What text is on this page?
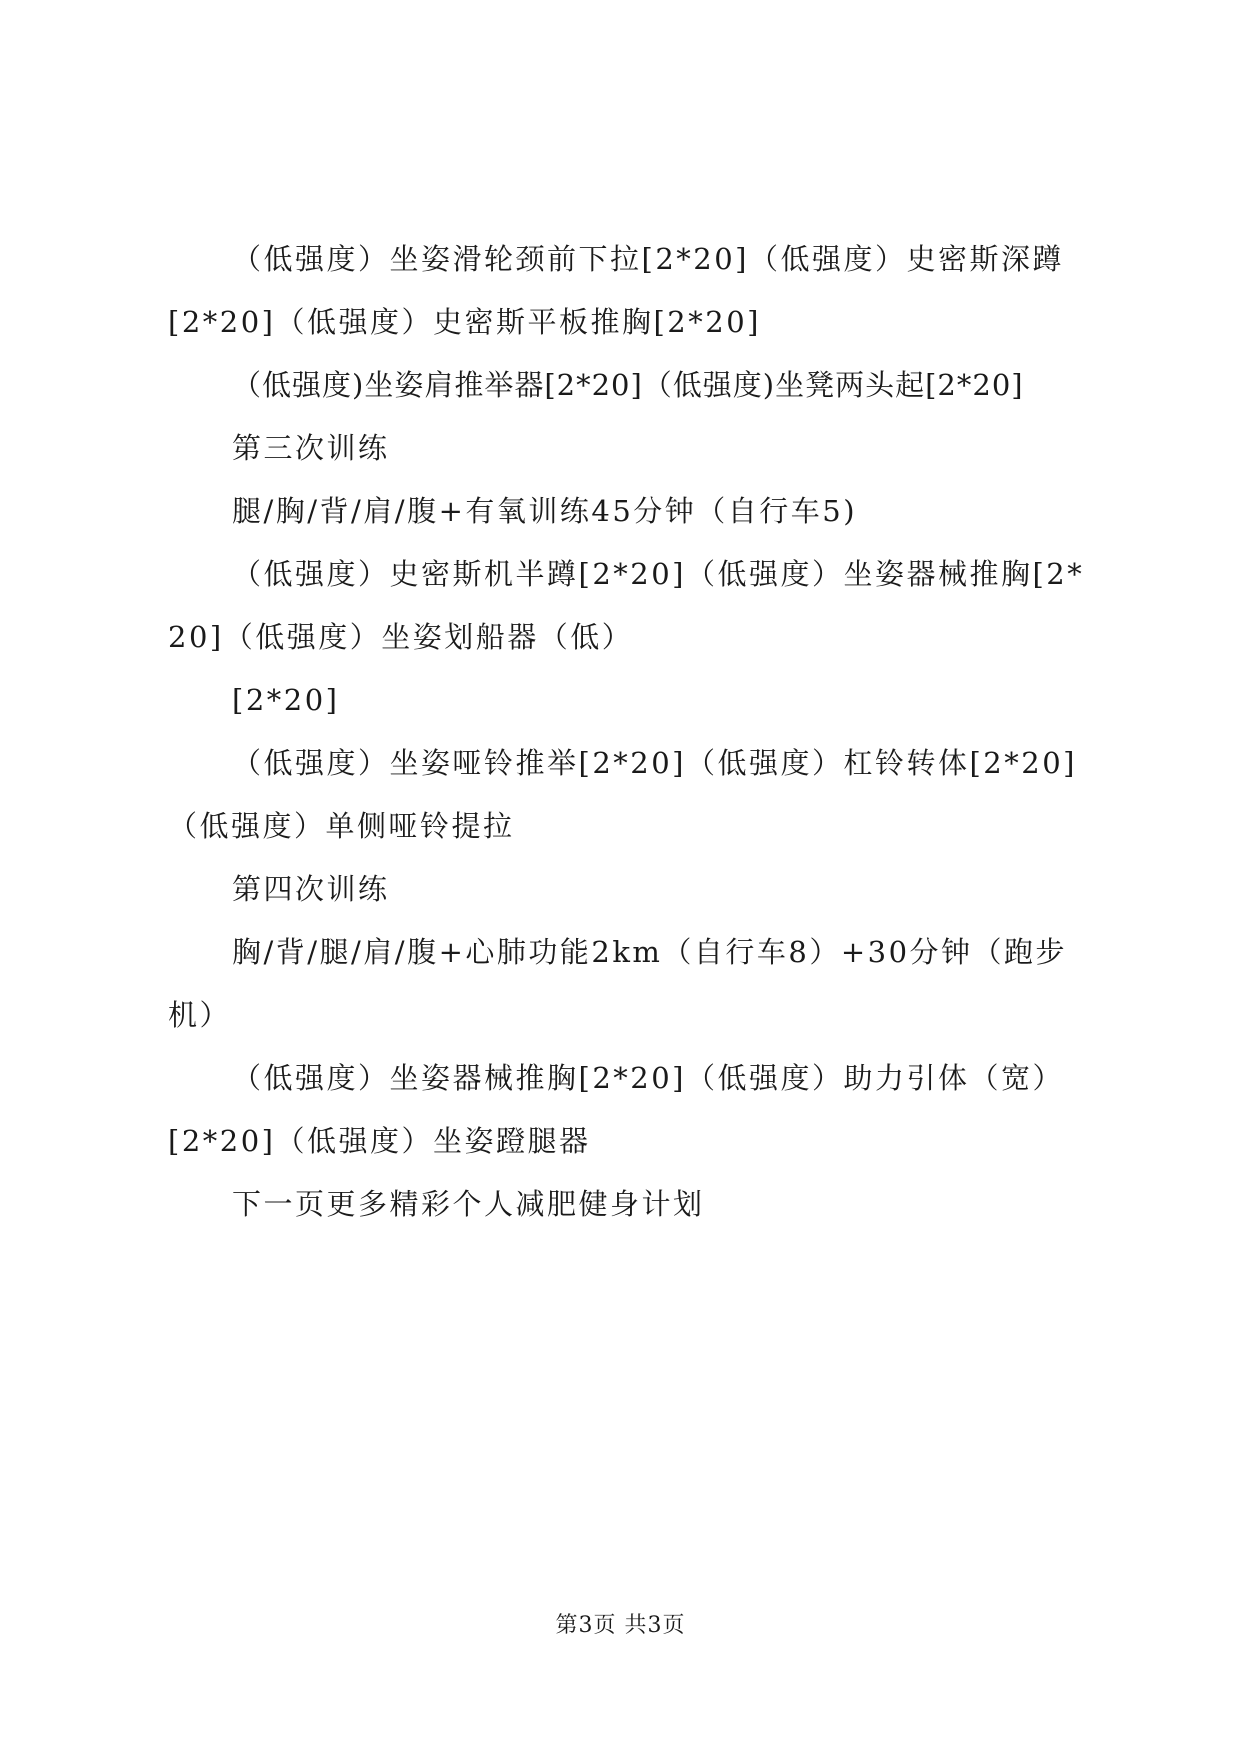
（低强度）坐姿滑轮颈前下拉[2*20]（低强度）史密斯深蹲[2*20]（低强度）史密斯平板推胸[2*20]

（低强度)坐姿肩推举器[2*20]（低强度)坐凳两头起[2*20]

第三次训练

腿/胸/背/肩/腹+有氧训练45分钟（自行车5)

（低强度）史密斯机半蹲[2*20]（低强度）坐姿器械推胸[2*20]（低强度）坐姿划船器（低）

[2*20]

（低强度）坐姿哑铃推举[2*20]（低强度）杠铃转体[2*20]（低强度）单侧哑铃提拉

第四次训练

胸/背/腿/肩/腹+心肺功能2km（自行车8）+30分钟（跑步机）

（低强度）坐姿器械推胸[2*20]（低强度）助力引体（宽）[2*20]（低强度）坐姿蹬腿器

下一页更多精彩个人减肥健身计划

第3页 共3页
